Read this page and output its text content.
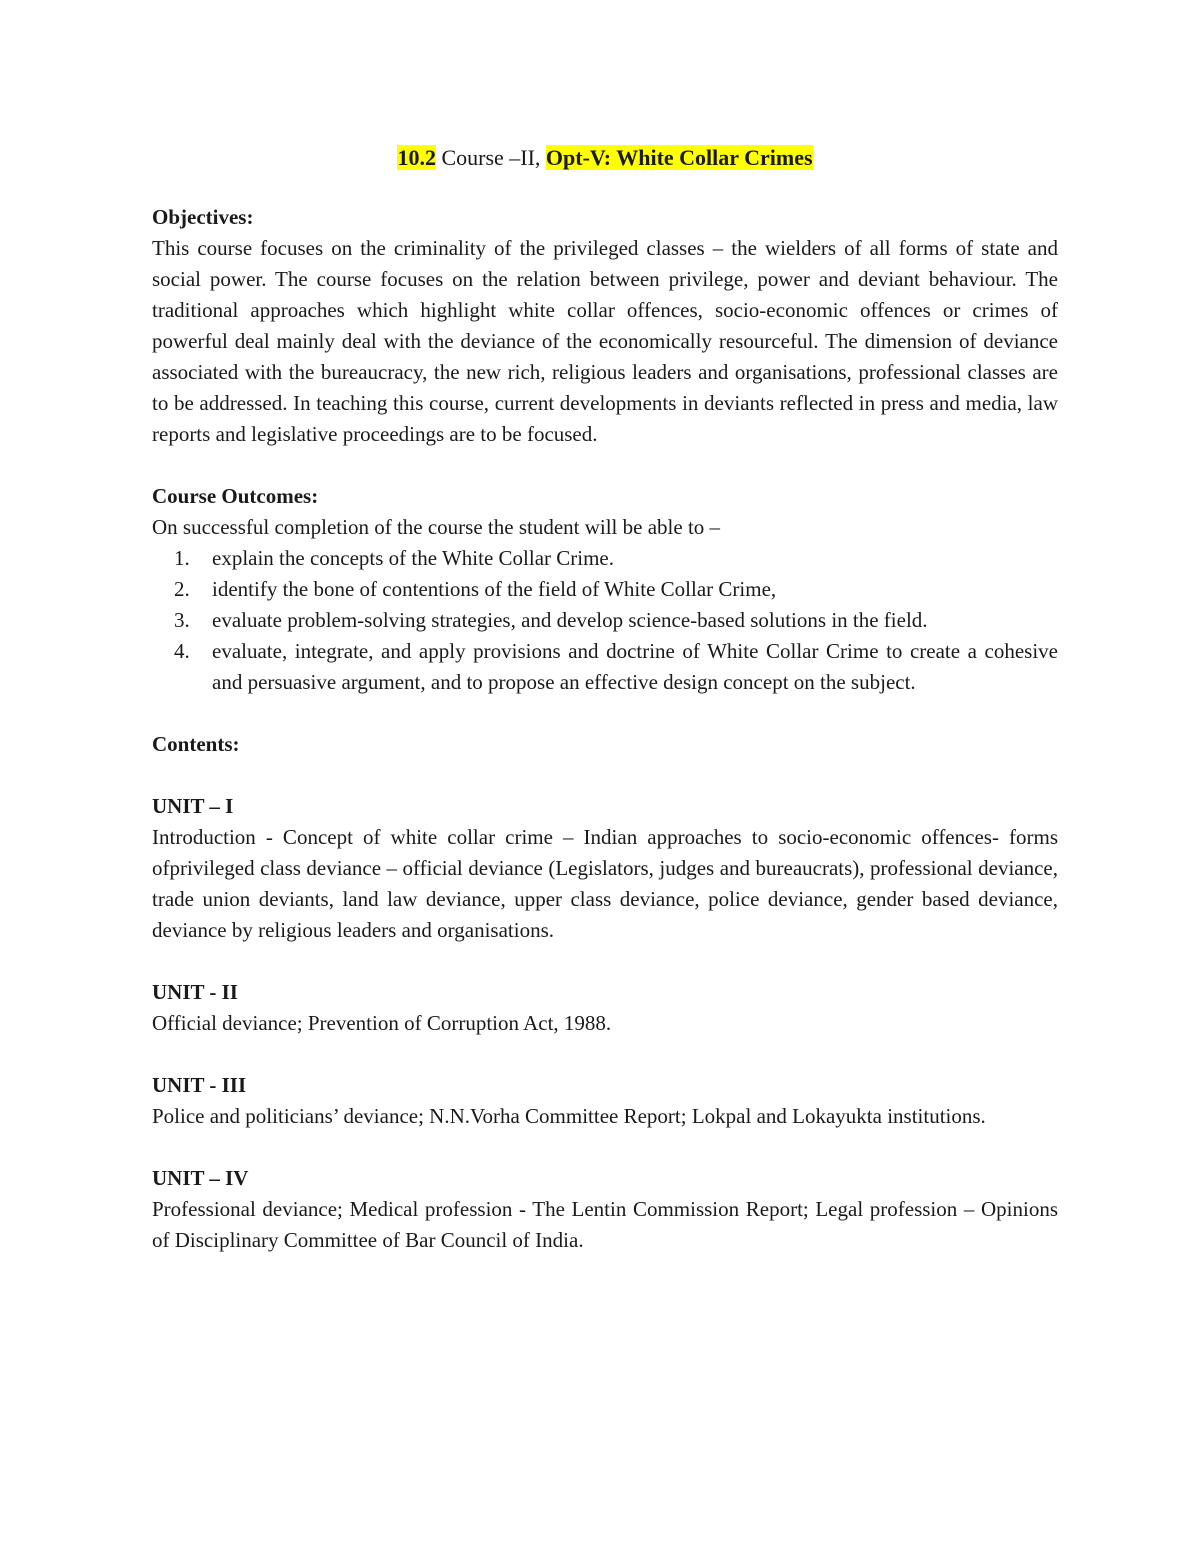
10.2 Course –II, Opt-V: White Collar Crimes

Objectives:

This course focuses on the criminality of the privileged classes – the wielders of all forms of state and social power. The course focuses on the relation between privilege, power and deviant behaviour. The traditional approaches which highlight white collar offences, socio-economic offences or crimes of powerful deal mainly deal with the deviance of the economically resourceful. The dimension of deviance associated with the bureaucracy, the new rich, religious leaders and organisations, professional classes are to be addressed. In teaching this course, current developments in deviants reflected in press and media, law reports and legislative proceedings are to be focused.

Course Outcomes:

On successful completion of the course the student will be able to –

1. explain the concepts of the White Collar Crime.
2. identify the bone of contentions of the field of White Collar Crime,
3. evaluate problem-solving strategies, and develop science-based solutions in the field.
4. evaluate, integrate, and apply provisions and doctrine of White Collar Crime to create a cohesive and persuasive argument, and to propose an effective design concept on the subject.

Contents:

UNIT – I

Introduction - Concept of white collar crime – Indian approaches to socio-economic offences- forms ofprivileged class deviance – official deviance (Legislators, judges and bureaucrats), professional deviance, trade union deviants, land law deviance, upper class deviance, police deviance, gender based deviance, deviance by religious leaders and organisations.

UNIT - II

Official deviance; Prevention of Corruption Act, 1988.

UNIT - III

Police and politicians’ deviance; N.N.Vorha Committee Report; Lokpal and Lokayukta institutions.

UNIT – IV

Professional deviance; Medical profession - The Lentin Commission Report; Legal profession – Opinions of Disciplinary Committee of Bar Council of India.
